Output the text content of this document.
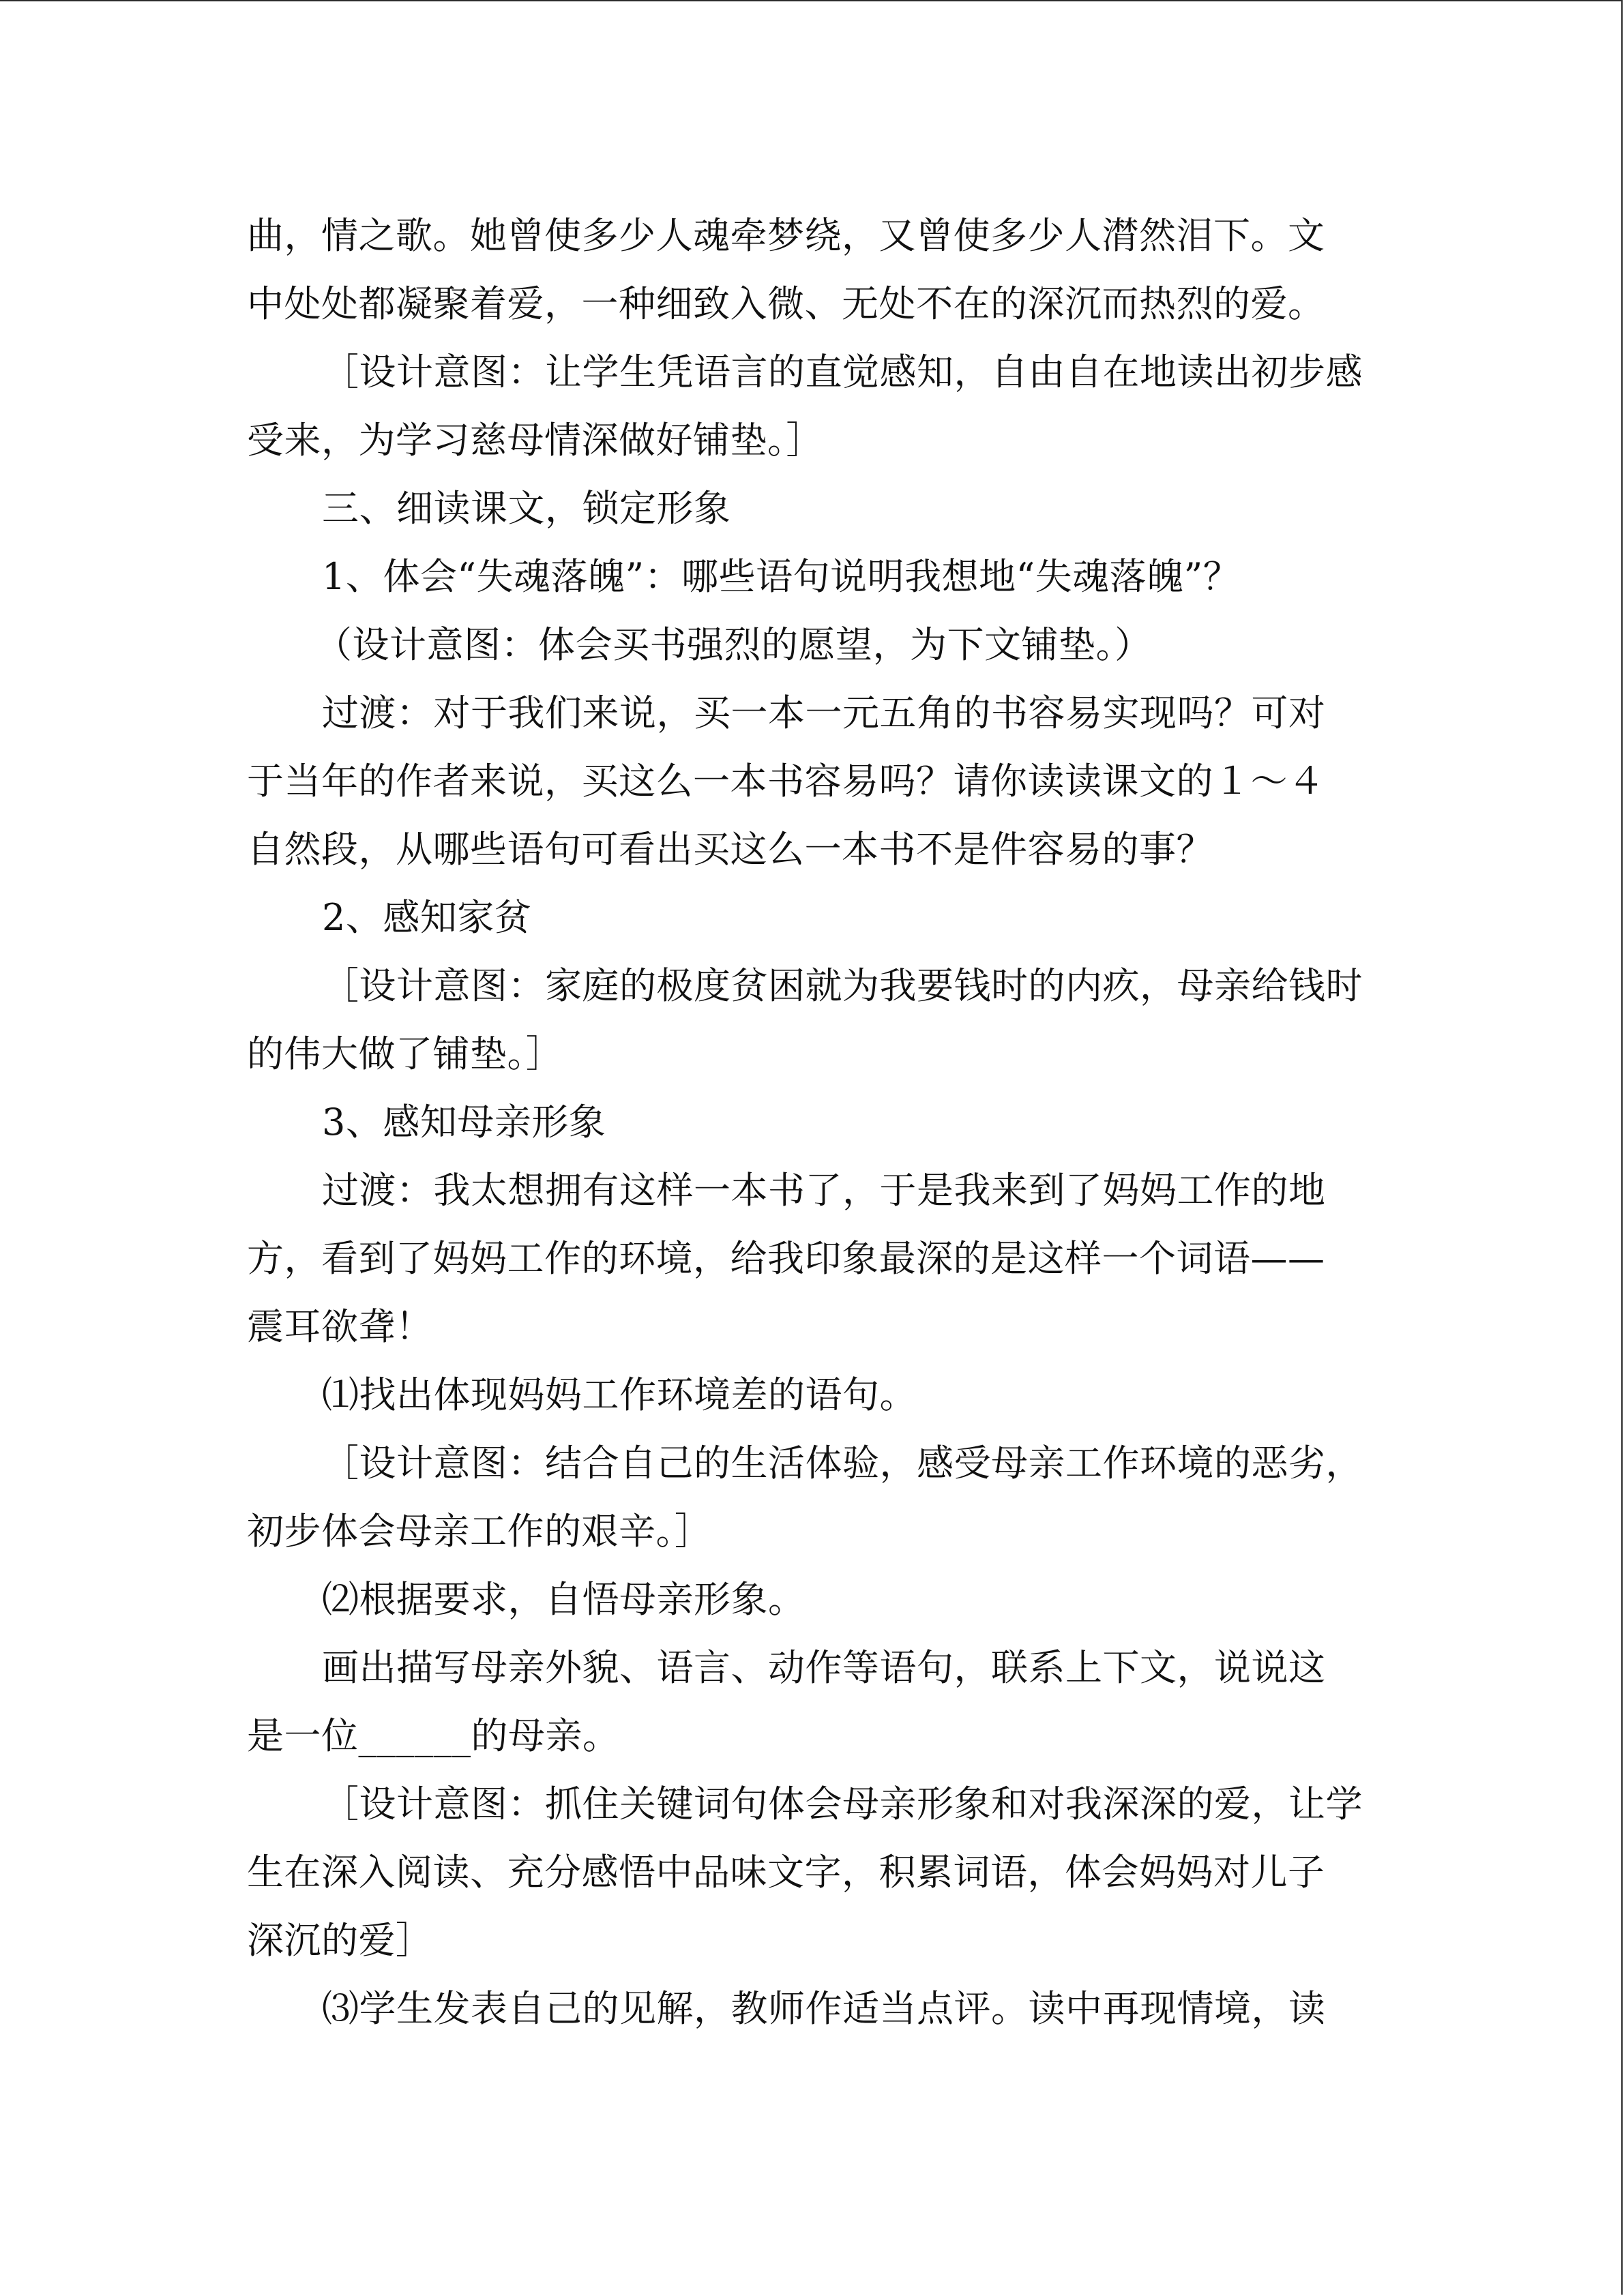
曲，情之歌。她曾使多少人魂牵梦绕，又曾使多少人潸然泪下。文
中处处都凝聚着爱，一种细致入微、无处不在的深沉而热烈的爱。
［设计意图：让学生凭语言的直觉感知，自由自在地读出初步感
受来，为学习慈母情深做好铺垫。］
三、细读课文，锁定形象
1、体会“失魂落魄”：哪些语句说明我想地“失魂落魄”？
（设计意图：体会买书强烈的愿望，为下文铺垫。）
过渡：对于我们来说，买一本一元五角的书容易实现吗？可对
于当年的作者来说，买这么一本书容易吗？请你读读课文的１～４
自然段，从哪些语句可看出买这么一本书不是件容易的事？
2、感知家贫
［设计意图：家庭的极度贫困就为我要钱时的内疚，母亲给钱时
的伟大做了铺垫。］
3、感知母亲形象
过渡：我太想拥有这样一本书了，于是我来到了妈妈工作的地
方，看到了妈妈工作的环境，给我印象最深的是这样一个词语——
震耳欲聋！
⑴找出体现妈妈工作环境差的语句。
［设计意图：结合自己的生活体验，感受母亲工作环境的恶劣，
初步体会母亲工作的艰辛。］
⑵根据要求，自悟母亲形象。
画出描写母亲外貌、语言、动作等语句，联系上下文，说说这
是一位______的母亲。
［设计意图：抓住关键词句体会母亲形象和对我深深的爱，让学
生在深入阅读、充分感悟中品味文字，积累词语，体会妈妈对儿子
深沉的爱］
⑶学生发表自己的见解，教师作适当点评。读中再现情境，读
